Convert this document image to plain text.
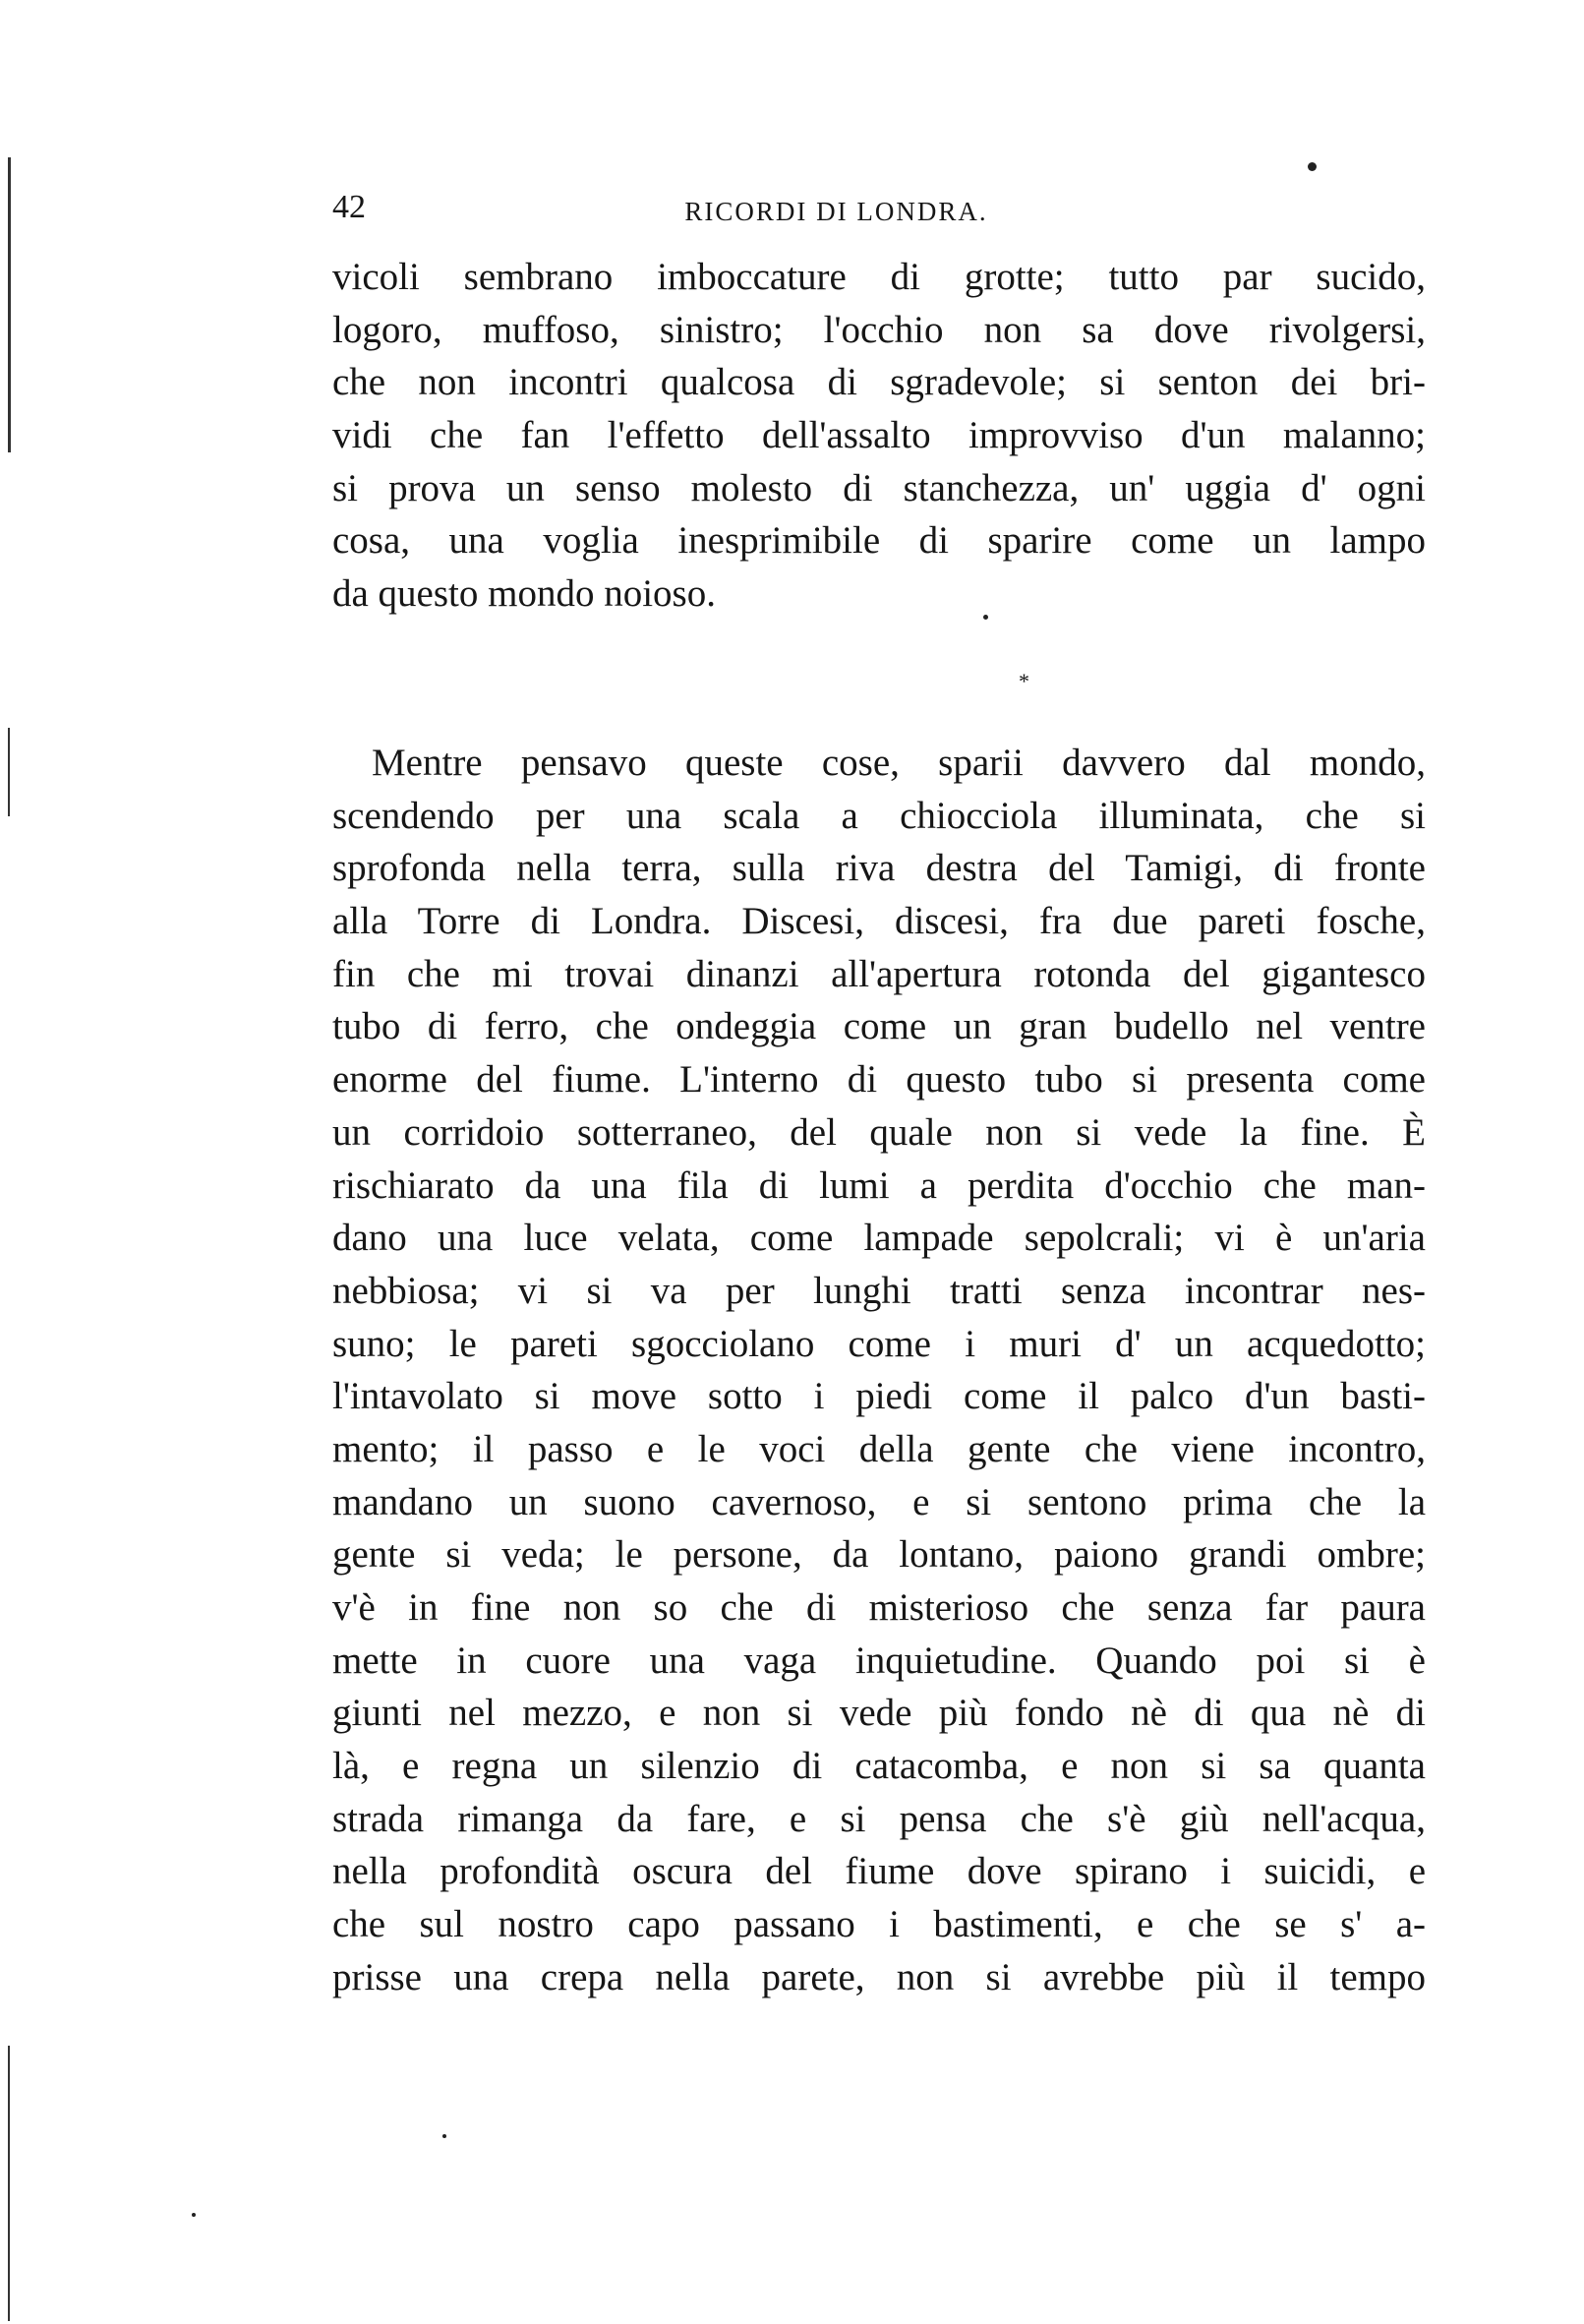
42	RICORDI DI LONDRA.
vicoli sembrano imboccature di grotte; tutto par sucido,
logoro, muffoso, sinistro; l'occhio non sa dove rivolgersi,
che non incontri qualcosa di sgradevole; si senton dei bri-
vidi che fan l'effetto dell'assalto improvviso d'un malanno;
si prova un senso molesto di stanchezza, un' uggia d' ogni
cosa, una voglia inesprimibile di sparire come un lampo
da questo mondo noioso.
*
Mentre pensavo queste cose, sparii davvero dal mondo,
scendendo per una scala a chiocciola illuminata, che si
sprofonda nella terra, sulla riva destra del Tamigi, di fronte
alla Torre di Londra. Discesi, discesi, fra due pareti fosche,
fin che mi trovai dinanzi all'apertura rotonda del gigantesco
tubo di ferro, che ondeggia come un gran budello nel ventre
enorme del fiume. L'interno di questo tubo si presenta come
un corridoio sotterraneo, del quale non si vede la fine. È
rischiarato da una fila di lumi a perdita d'occhio che man-
dano una luce velata, come lampade sepolcrali; vi è un'aria
nebbiosa; vi si va per lunghi tratti senza incontrar nes-
suno; le pareti sgocciolano come i muri d' un acquedotto;
l'intavolato si move sotto i piedi come il palco d'un basti-
mento; il passo e le voci della gente che viene incontro,
mandano un suono cavernoso, e si sentono prima che la
gente si veda; le persone, da lontano, paiono grandi ombre;
v'è in fine non so che di misterioso che senza far paura
mette in cuore una vaga inquietudine. Quando poi si è
giunti nel mezzo, e non si vede più fondo nè di qua nè di
là, e regna un silenzio di catacomba, e non si sa quanta
strada rimanga da fare, e si pensa che s'è giù nell'acqua,
nella profondità oscura del fiume dove spirano i suicidi, e
che sul nostro capo passano i bastimenti, e che se s' a-
prisse una crepa nella parete, non si avrebbe più il tempo
